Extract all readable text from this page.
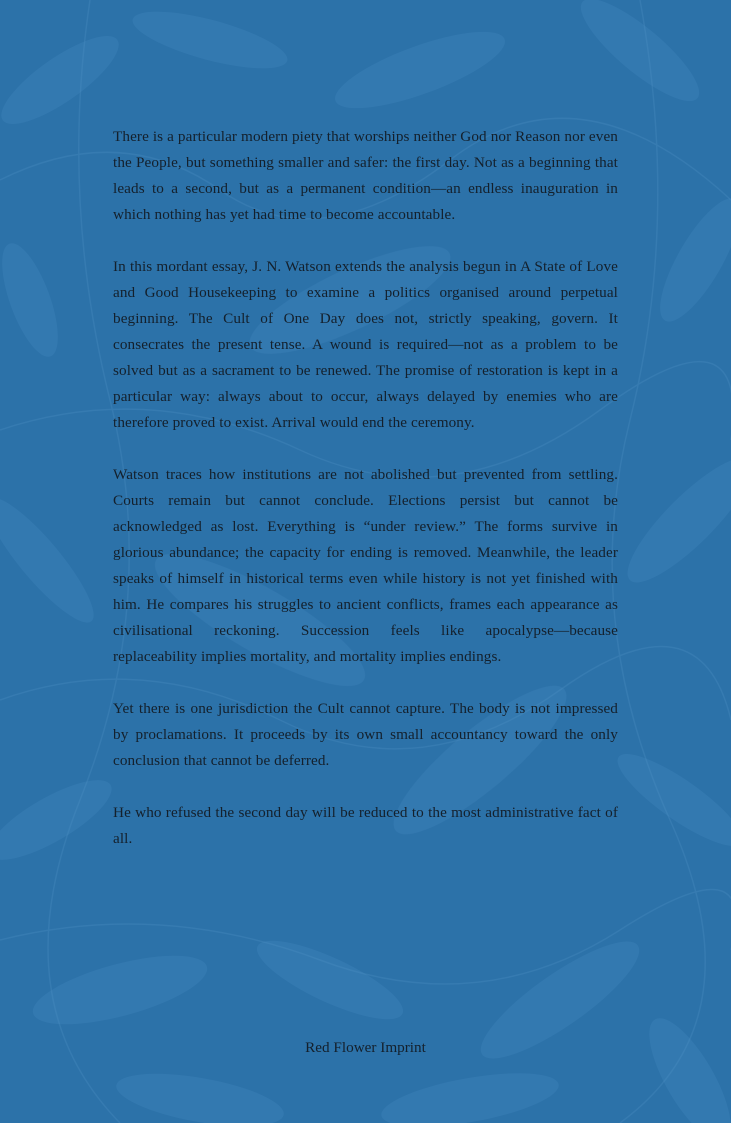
There is a particular modern piety that worships neither God nor Reason nor even the People, but something smaller and safer: the first day. Not as a beginning that leads to a second, but as a permanent condition—an endless inauguration in which nothing has yet had time to become accountable.

In this mordant essay, J. N. Watson extends the analysis begun in A State of Love and Good Housekeeping to examine a politics organised around perpetual beginning. The Cult of One Day does not, strictly speaking, govern. It consecrates the present tense. A wound is required—not as a problem to be solved but as a sacrament to be renewed. The promise of restoration is kept in a particular way: always about to occur, always delayed by enemies who are therefore proved to exist. Arrival would end the ceremony.

Watson traces how institutions are not abolished but prevented from settling. Courts remain but cannot conclude. Elections persist but cannot be acknowledged as lost. Everything is “under review.” The forms survive in glorious abundance; the capacity for ending is removed. Meanwhile, the leader speaks of himself in historical terms even while history is not yet finished with him. He compares his struggles to ancient conflicts, frames each appearance as civilisational reckoning. Succession feels like apocalypse—because replaceability implies mortality, and mortality implies endings.

Yet there is one jurisdiction the Cult cannot capture. The body is not impressed by proclamations. It proceeds by its own small accountancy toward the only conclusion that cannot be deferred.

He who refused the second day will be reduced to the most administrative fact of all.

Red Flower Imprint
